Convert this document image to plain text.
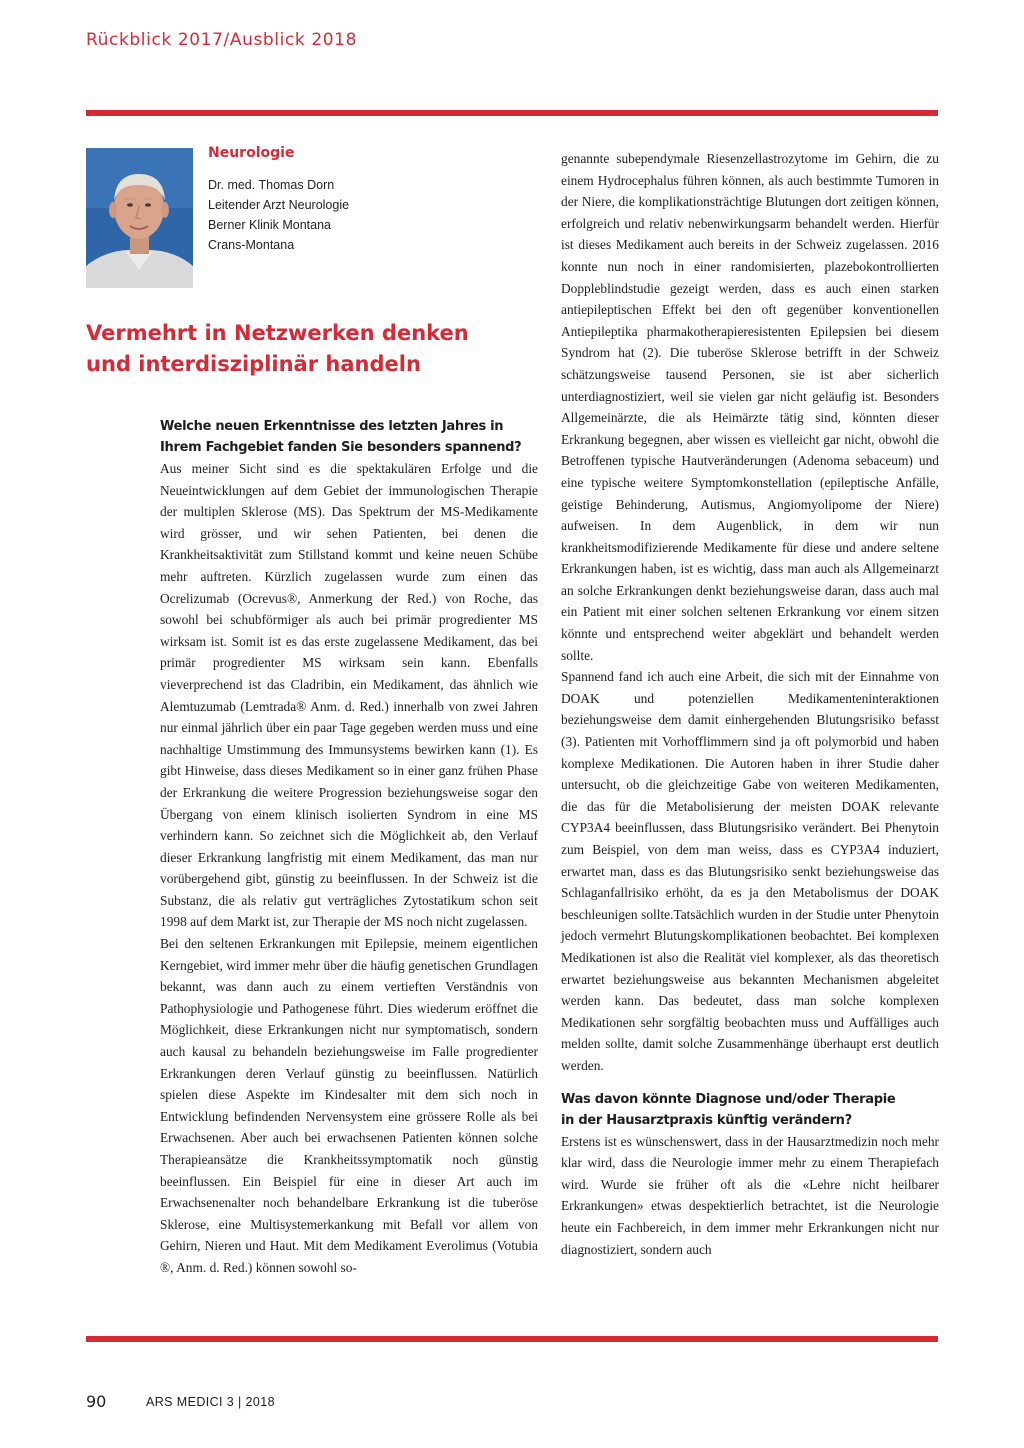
Rückblick 2017/Ausblick 2018
Neurologie
Dr. med. Thomas Dorn
Leitender Arzt Neurologie
Berner Klinik Montana
Crans-Montana
Vermehrt in Netzwerken denken
und interdisziplinär handeln
Welche neuen Erkenntnisse des letzten Jahres in
Ihrem Fachgebiet fanden Sie besonders spannend?
Aus meiner Sicht sind es die spektakulären Erfolge und die Neueintwicklungen auf dem Gebiet der immunologischen Therapie der multiplen Sklerose (MS). Das Spektrum der MS-Medikamente wird grösser, und wir sehen Patienten, bei denen die Krankheitsaktivität zum Stillstand kommt und keine neuen Schübe mehr auftreten. Kürzlich zugelassen wurde zum einen das Ocrelizumab (Ocrevus®, Anmerkung der Red.) von Roche, das sowohl bei schubförmiger als auch bei primär progredienter MS wirksam ist. Somit ist es das erste zugelassene Medikament, das bei primär progredienter MS wirksam sein kann. Ebenfalls vieverprechend ist das Cladribin, ein Medikament, das ähnlich wie Alemtuzumab (Lemtrada® Anm. d. Red.) innerhalb von zwei Jahren nur einmal jährlich über ein paar Tage gegeben werden muss und eine nachhaltige Umstimmung des Immunsystems bewirken kann (1). Es gibt Hinweise, dass dieses Medikament so in einer ganz frühen Phase der Erkrankung die weitere Progression beziehungsweise sogar den Übergang von einem klinisch isolierten Syndrom in eine MS verhindern kann. So zeichnet sich die Möglichkeit ab, den Verlauf dieser Erkrankung langfristig mit einem Medikament, das man nur vorübergehend gibt, günstig zu beeinflussen. In der Schweiz ist die Substanz, die als relativ gut verträgliches Zytostatikum schon seit 1998 auf dem Markt ist, zur Therapie der MS noch nicht zugelassen.
Bei den seltenen Erkrankungen mit Epilepsie, meinem eigentlichen Kerngebiet, wird immer mehr über die häufig genetischen Grundlagen bekannt, was dann auch zu einem vertieften Verständnis von Pathophysiologie und Pathogenese führt. Dies wiederum eröffnet die Möglichkeit, diese Erkrankungen nicht nur symptomatisch, sondern auch kausal zu behandeln beziehungsweise im Falle progredienter Erkrankungen deren Verlauf günstig zu beeinflussen. Natürlich spielen diese Aspekte im Kindesalter mit dem sich noch in Entwicklung befindenden Nervensystem eine grössere Rolle als bei Erwachsenen. Aber auch bei erwachsenen Patienten können solche Therapieansätze die Krankheitssymptomatik noch günstig beeinflussen. Ein Beispiel für eine in dieser Art auch im Erwachsenenalter noch behandelbare Erkrankung ist die tuberöse Sklerose, eine Multisystemerkankung mit Befall vor allem von Gehirn, Nieren und Haut. Mit dem Medikament Everolimus (Votubia ®, Anm. d. Red.) können sowohl so-
genannte subependymale Riesenzellastrozytome im Gehirn, die zu einem Hydrocephalus führen können, als auch bestimmte Tumoren in der Niere, die komplikationsträchtige Blutungen dort zeitigen können, erfolgreich und relativ nebenwirkungsarm behandelt werden. Hierfür ist dieses Medikament auch bereits in der Schweiz zugelassen. 2016 konnte nun noch in einer randomisierten, plazebokontrollierten Doppleblindstudie gezeigt werden, dass es auch einen starken antiepileptischen Effekt bei den oft gegenüber konventionellen Antiepileptika pharmakotherapieresistenten Epilepsien bei diesem Syndrom hat (2). Die tuberöse Sklerose betrifft in der Schweiz schätzungsweise tausend Personen, sie ist aber sicherlich unterdiagnostiziert, weil sie vielen gar nicht geläufig ist. Besonders Allgemeinärzte, die als Heimärzte tätig sind, könnten dieser Erkrankung begegnen, aber wissen es vielleicht gar nicht, obwohl die Betroffenen typische Hautveränderungen (Adenoma sebaceum) und eine typische weitere Symptomkonstellation (epileptische Anfälle, geistige Behinderung, Autismus, Angiomyolipome der Niere) aufweisen. In dem Augenblick, in dem wir nun krankheitsmodifizierende Medikamente für diese und andere seltene Erkrankungen haben, ist es wichtig, dass man auch als Allgemeinarzt an solche Erkrankungen denkt beziehungsweise daran, dass auch mal ein Patient mit einer solchen seltenen Erkrankung vor einem sitzen könnte und entsprechend weiter abgeklärt und behandelt werden sollte.
Spannend fand ich auch eine Arbeit, die sich mit der Einnahme von DOAK und potenziellen Medikamenteninteraktionen beziehungsweise dem damit einhergehenden Blutungsrisiko befasst (3). Patienten mit Vorhofflimmern sind ja oft polymorbid und haben komplexe Medikationen. Die Autoren haben in ihrer Studie daher untersucht, ob die gleichzeitige Gabe von weiteren Medikamenten, die das für die Metabolisierung der meisten DOAK relevante CYP3A4 beeinflussen, dass Blutungsrisiko verändert. Bei Phenytoin zum Beispiel, von dem man weiss, dass es CYP3A4 induziert, erwartet man, dass es das Blutungsrisiko senkt beziehungsweise das Schlaganfallrisiko erhöht, da es ja den Metabolismus der DOAK beschleunigen sollte.Tatsächlich wurden in der Studie unter Phenytoin jedoch vermehrt Blutungskomplikationen beobachtet. Bei komplexen Medikationen ist also die Realität viel komplexer, als das theoretisch erwartet beziehungsweise aus bekannten Mechanismen abgeleitet werden kann. Das bedeutet, dass man solche komplexen Medikationen sehr sorgfältig beobachten muss und Auffälliges auch melden sollte, damit solche Zusammenhänge überhaupt erst deutlich werden.
Was davon könnte Diagnose und/oder Therapie
in der Hausarztpraxis künftig verändern?
Erstens ist es wünschenswert, dass in der Hausarztmedizin noch mehr klar wird, dass die Neurologie immer mehr zu einem Therapiefach wird. Wurde sie früher oft als die «Lehre nicht heilbarer Erkrankungen» etwas despektierlich betrachtet, ist die Neurologie heute ein Fachbereich, in dem immer mehr Erkrankungen nicht nur diagnostiziert, sondern auch
90	ARS MEDICI 3 | 2018
